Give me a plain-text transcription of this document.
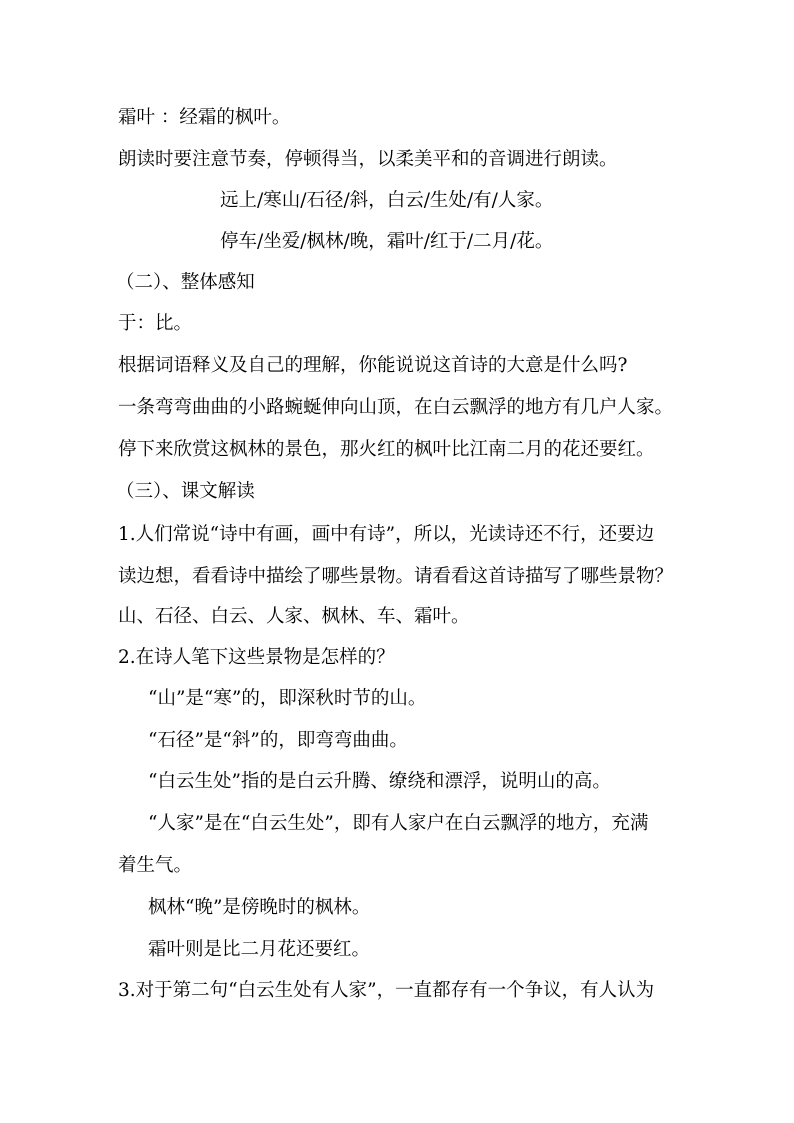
霜叶 ：经霜的枫叶。
朗读时要注意节奏，停顿得当，以柔美平和的音调进行朗读。
远上/寒山/石径/斜，白云/生处/有/人家。
停车/坐爱/枫林/晚，霜叶/红于/二月/花。
（二）、整体感知
于：比。
根据词语释义及自己的理解，你能说说这首诗的大意是什么吗?
一条弯弯曲曲的小路蜿蜒伸向山顶，在白云飘浮的地方有几户人家。
停下来欣赏这枫林的景色，那火红的枫叶比江南二月的花还要红。
（三）、课文解读
1.人们常说“诗中有画，画中有诗”，所以，光读诗还不行，还要边
读边想，看看诗中描绘了哪些景物。请看看这首诗描写了哪些景物？
山、石径、白云、人家、枫林、车、霜叶。
2.在诗人笔下这些景物是怎样的？
“山”是“寒”的，即深秋时节的山。
“石径”是“斜”的，即弯弯曲曲。
“白云生处”指的是白云升腾、缭绕和漂浮，说明山的高。
“人家”是在“白云生处”，即有人家户在白云飘浮的地方，充满
着生气。
枫林“晚”是傍晚时的枫林。
霜叶则是比二月花还要红。
3.对于第二句“白云生处有人家”，一直都存有一个争议，有人认为
